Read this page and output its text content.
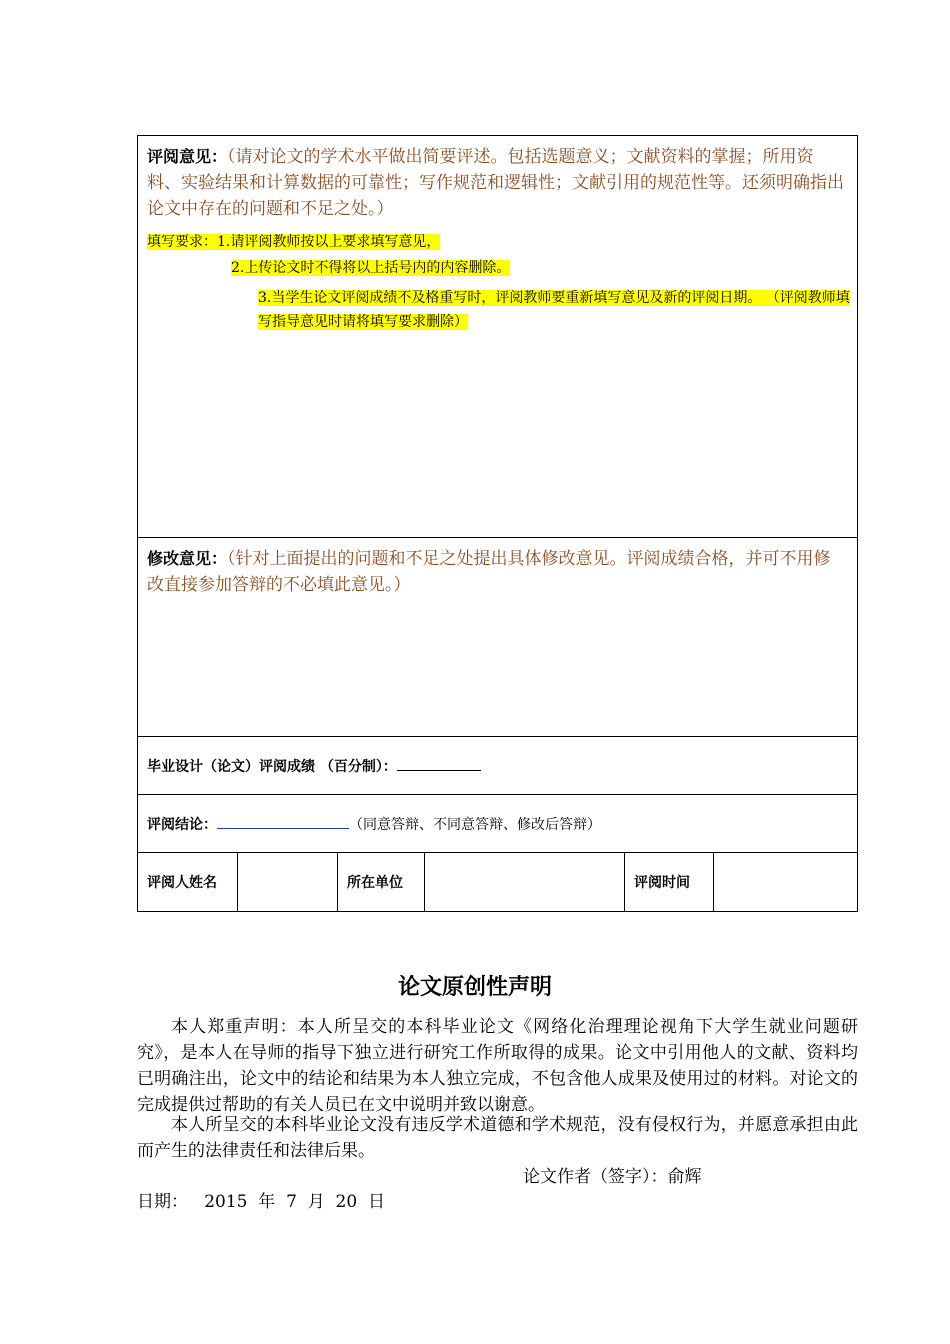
评阅意见：（请对论文的学术水平做出简要评述。包括选题意义；文献资料的掌握；所用资料、实验结果和计算数据的可靠性；写作规范和逻辑性；文献引用的规范性等。还须明确指出论文中存在的问题和不足之处。）
填写要求：1.请评阅教师按以上要求填写意见，
2.上传论文时不得将以上括号内的内容删除。
3.当学生论文评阅成绩不及格重写时，评阅教师要重新填写意见及新的评阅日期。 （评阅教师填写指导意见时请将填写要求删除）

修改意见：（针对上面提出的问题和不足之处提出具体修改意见。评阅成绩合格，并可不用修改直接参加答辩的不必填此意见。）

毕业设计（论文）评阅成绩 （百分制）：

评阅结论：	（同意答辩、不同意答辩、修改后答辩）

评阅人姓名		所在单位		评阅时间

论文原创性声明
本人郑重声明：本人所呈交的本科毕业论文《网络化治理理论视角下大学生就业问题研究》，是本人在导师的指导下独立进行研究工作所取得的成果。论文中引用他人的文献、资料均已明确注出，论文中的结论和结果为本人独立完成，不包含他人成果及使用过的材料。对论文的完成提供过帮助的有关人员已在文中说明并致以谢意。
本人所呈交的本科毕业论文没有违反学术道德和学术规范，没有侵权行为，并愿意承担由此而产生的法律责任和法律后果。
论文作者（签字）：俞辉
日期：   2015  年  7  月  20  日
